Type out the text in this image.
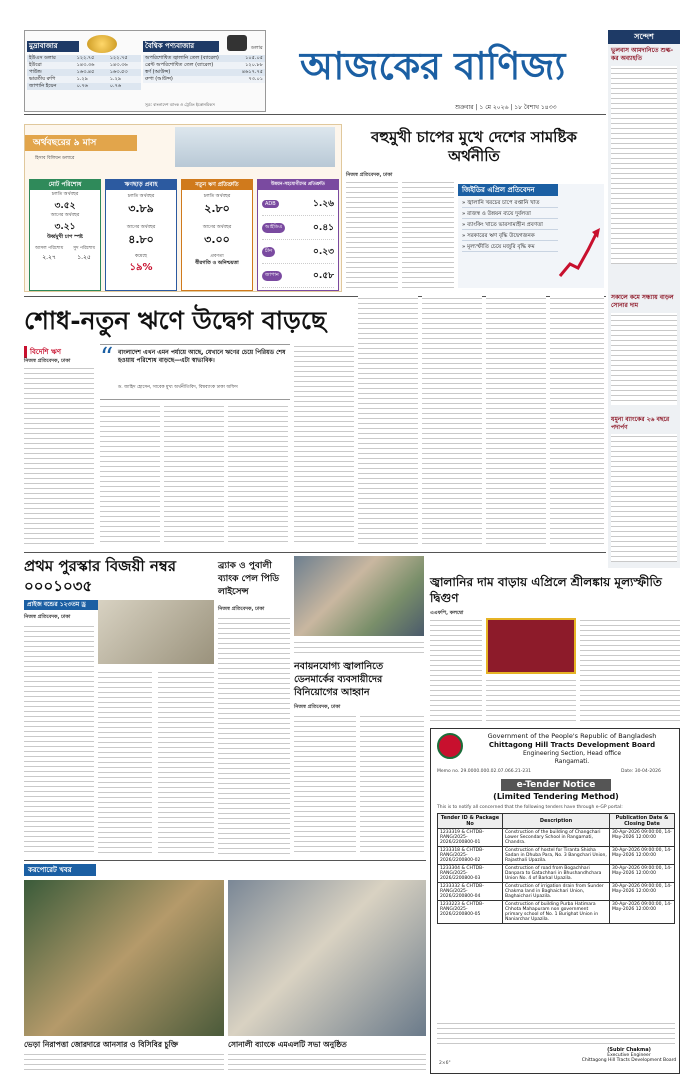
মুদ্রাবাজার	বৈশ্বিক পণ্যবাজার	ডলার
ইউএস ডলার	১২২.৭৫	১২২.৭৫
ইউরো	১৪৩.৩৬	১৪৩.৩৬
পাউন্ড	১৬৩.৪৫	১৬৩.৫৩
ভারতীয় রুপি	১.২৯	১.২৯
জাপানি ইয়েন	০.৭৬	০.৭৬
অপরিশোধিত জ্বালানি তেল (ব্যারেল)	১০৫.০৫
ব্রেন্ট অপরিশোধিত তেল (ব্যারেল)	১২০.৮৮
স্বর্ণ (আউন্স)	৪৬১৭.৭৫
রুপা (আউন্স)	৭৩.০১
সূত্র: বাংলাদেশ ব্যাংক ও ট্রেডিং ইকোনমিকস
আজকের বাণিজ্য
শুক্রবার | ১ মে ২০২৬ | ১৮ বৈশাখ ১৪৩৩
সন্দেশ
ভুলবাস আমদানিতে শুল্ক-কর অব্যাহতি
সকালে কমে সন্ধ্যায় বাড়ল সোনার দাম
যমুনা ব্যাংকের ২৬ বছরে পদার্পণ
অর্থবছরের ৯ মাস
হিসাব বিলিয়ন ডলারে
মোট পরিশোধ
চলতি অর্থবছর
৩.৫২
আগের অর্থবছর
৩.২১
উর্ধ্বমুখী চাপ স্পষ্ট
আসল পরিশোধ
২.২৭
সুদ পরিশোধ
১.২৫
ঋণছাড় প্রবাহ
চলতি অর্থবছর
৩.৮৯
আগের অর্থবছর
৪.৮০
কমেছে
১৯%
নতুন ঋণ প্রতিশ্রুতি
চলতি অর্থবছর
২.৮০
আগের অর্থবছর
৩.০০
প্রবণতা
ধীরগতি ও অনিশ্চয়তা
উন্নয়ন-সহযোগীদের প্রতিশ্রুতি
ADB	১.২৬
আইডিএ	০.৪১
চীন	০.২৩
জাপান	০.৫৮
বহুমুখী চাপের মুখে দেশের সামষ্টিক অর্থনীতি
নিজস্ব প্রতিবেদক, ঢাকা
জিইডির এপ্রিল প্রতিবেদন
» জ্বালানি খরচের চাপে রপ্তানি খাত
» রাজস্ব ও উন্নয়ন ব্যয়ে দুর্বলতা
» ব্যাংকিং খাতে ভারসাম্যহীন প্রবণতা
» সরকারের ঋণ বৃদ্ধি উদ্বেগজনক
» মূল্যস্ফীতি চেয়ে মজুরি বৃদ্ধি কম
শোধ-নতুন ঋণে উদ্বেগ বাড়ছে
বিদেশি ঋণ
নিজস্ব প্রতিবেদক, ঢাকা	“ বাংলাদেশ এখন এমন পর্যায়ে আছে, যেখানে ঋণের চেয়ে পিরিয়ড শেষ হওয়ায় পরিশোধ বাড়ছে—এটা স্বাভাবিক।
ড. জাহিদ হোসেন, সাবেক মুখ্য অর্থনীতিবিদ, বিশ্বব্যাংক ঢাকা অফিস
প্রথম পুরস্কার বিজয়ী নম্বর ০০০১০৩৫
প্রাইজ বন্ডের ১২৩তম ড্র
নিজস্ব প্রতিবেদক, ঢাকা
ব্র্যাক ও পুবালী ব্যাংক পেল পিডি লাইসেন্স
নিজস্ব প্রতিবেদক, ঢাকা
নবায়নযোগ্য জ্বালানিতে ডেনমার্কের ব্যবসায়ীদের বিনিয়োগের আহ্বান
নিজস্ব প্রতিবেদক, ঢাকা
জ্বালানির দাম বাড়ায় এপ্রিলে শ্রীলঙ্কায় মূল্যস্ফীতি দ্বিগুণ
এএফপি, কলম্বো
Government of the People's Republic of Bangladesh
Chittagong Hill Tracts Development Board
Engineering Section, Head office
Rangamati.
Memo no. 29.0000.000.02.07.066.21-231	Date: 30-04-2026
e-Tender Notice
(Limited Tendering Method)
This is to notify all concerned that the following tenders have through e-GP portal:
Tender ID & Package No	Description	Publication Date & Closing Date
1233319 & CHTDB-RANG/2025-2026/2200800-01	Construction of the building of Changchari Lower Secondary School in Rangamati, Chandra.	30-Apr-2026 09:00:00, 14-May-2026 12:00:00
1233318 & CHTDB-RANG/2025-2026/2200800-02	Construction of hostel for Tiranta Shisha Sadan in Dhuba Para, No. 3 Bangchari Union, Rajasthali Upazila.	30-Apr-2026 09:00:00, 14-May-2026 12:00:00
1233304 & CHTDB-RANG/2025-2026/2200800-03	Construction of road from Bogachhari Danpara to Gatachhari in Bhushandhchara Union No. 4 of Barkal Upazila.	30-Apr-2026 09:00:00, 14-May-2026 12:00:00
1233332 & CHTDB-RANG/2025-2026/2200800-04	Construction of irrigation drain from Sunder Chakma land in Baghaichari Union, Baghaichari Upazila.	30-Apr-2026 09:00:00, 14-May-2026 12:00:00
1233223 & CHTDB-RANG/2025-2026/2200800-05	Construction of building Purba Hatimara Chhota Mahapuram non government primary school of No. 1 Burighat Union in Naniarchar Upazila.	30-Apr-2026 09:00:00, 14-May-2026 12:00:00
2×6"
(Subir Chakma)
Executive Engineer
Chittagong Hill Tracts Development Board
করপোরেট খবর
ভেড়া নিরাপত্তা জোরদারে আনসার ও বিসিবির চুক্তি	সোনালী ব্যাংকে এমএলটি সভা অনুষ্ঠিত
